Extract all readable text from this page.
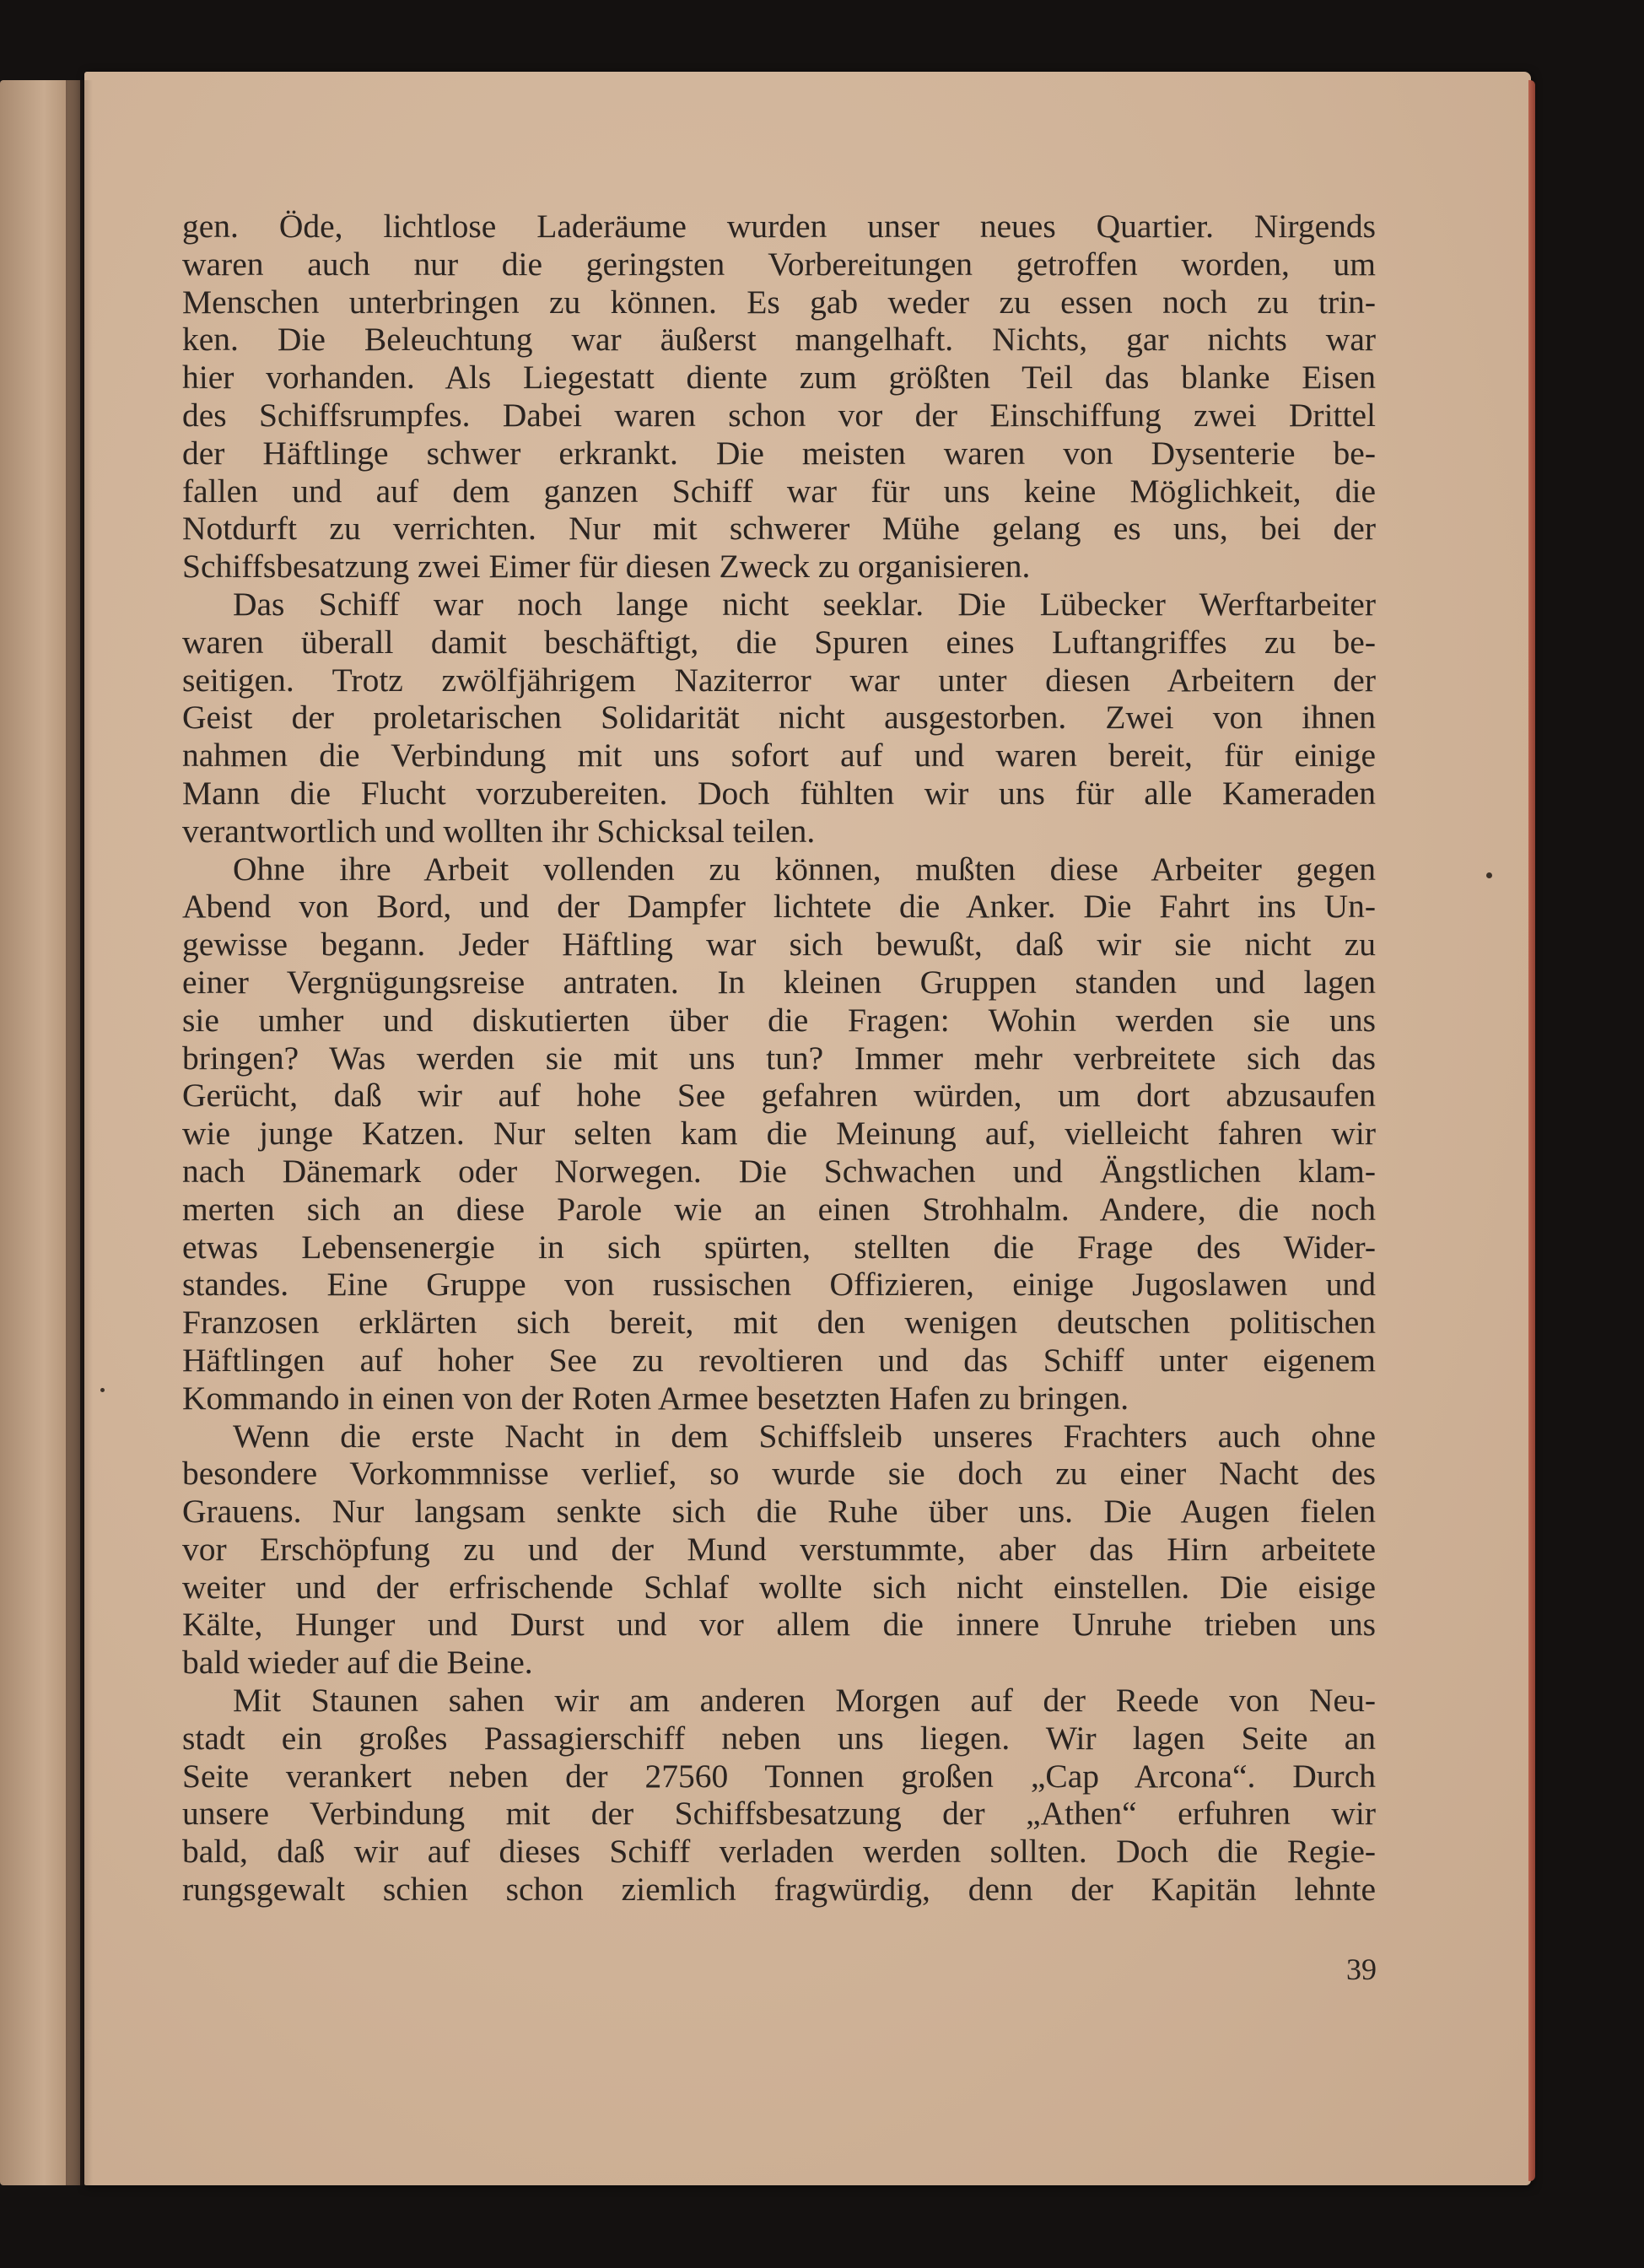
gen. Öde, lichtlose Laderäume wurden unser neues Quartier. Nirgends
waren auch nur die geringsten Vorbereitungen getroffen worden, um
Menschen unterbringen zu können. Es gab weder zu essen noch zu trin-
ken. Die Beleuchtung war äußerst mangelhaft. Nichts, gar nichts war
hier vorhanden. Als Liegestatt diente zum größten Teil das blanke Eisen
des Schiffsrumpfes. Dabei waren schon vor der Einschiffung zwei Drittel
der Häftlinge schwer erkrankt. Die meisten waren von Dysenterie be-
fallen und auf dem ganzen Schiff war für uns keine Möglichkeit, die
Notdurft zu verrichten. Nur mit schwerer Mühe gelang es uns, bei der
Schiffsbesatzung zwei Eimer für diesen Zweck zu organisieren.
Das Schiff war noch lange nicht seeklar. Die Lübecker Werftarbeiter
waren überall damit beschäftigt, die Spuren eines Luftangriffes zu be-
seitigen. Trotz zwölfjährigem Naziterror war unter diesen Arbeitern der
Geist der proletarischen Solidarität nicht ausgestorben. Zwei von ihnen
nahmen die Verbindung mit uns sofort auf und waren bereit, für einige
Mann die Flucht vorzubereiten. Doch fühlten wir uns für alle Kameraden
verantwortlich und wollten ihr Schicksal teilen.
Ohne ihre Arbeit vollenden zu können, mußten diese Arbeiter gegen
Abend von Bord, und der Dampfer lichtete die Anker. Die Fahrt ins Un-
gewisse begann. Jeder Häftling war sich bewußt, daß wir sie nicht zu
einer Vergnügungsreise antraten. In kleinen Gruppen standen und lagen
sie umher und diskutierten über die Fragen: Wohin werden sie uns
bringen? Was werden sie mit uns tun? Immer mehr verbreitete sich das
Gerücht, daß wir auf hohe See gefahren würden, um dort abzusaufen
wie junge Katzen. Nur selten kam die Meinung auf, vielleicht fahren wir
nach Dänemark oder Norwegen. Die Schwachen und Ängstlichen klam-
merten sich an diese Parole wie an einen Strohhalm. Andere, die noch
etwas Lebensenergie in sich spürten, stellten die Frage des Wider-
standes. Eine Gruppe von russischen Offizieren, einige Jugoslawen und
Franzosen erklärten sich bereit, mit den wenigen deutschen politischen
Häftlingen auf hoher See zu revoltieren und das Schiff unter eigenem
Kommando in einen von der Roten Armee besetzten Hafen zu bringen.
Wenn die erste Nacht in dem Schiffsleib unseres Frachters auch ohne
besondere Vorkommnisse verlief, so wurde sie doch zu einer Nacht des
Grauens. Nur langsam senkte sich die Ruhe über uns. Die Augen fielen
vor Erschöpfung zu und der Mund verstummte, aber das Hirn arbeitete
weiter und der erfrischende Schlaf wollte sich nicht einstellen. Die eisige
Kälte, Hunger und Durst und vor allem die innere Unruhe trieben uns
bald wieder auf die Beine.
Mit Staunen sahen wir am anderen Morgen auf der Reede von Neu-
stadt ein großes Passagierschiff neben uns liegen. Wir lagen Seite an
Seite verankert neben der 27560 Tonnen großen „Cap Arcona“. Durch
unsere Verbindung mit der Schiffsbesatzung der „Athen“ erfuhren wir
bald, daß wir auf dieses Schiff verladen werden sollten. Doch die Regie-
rungsgewalt schien schon ziemlich fragwürdig, denn der Kapitän lehnte
39
